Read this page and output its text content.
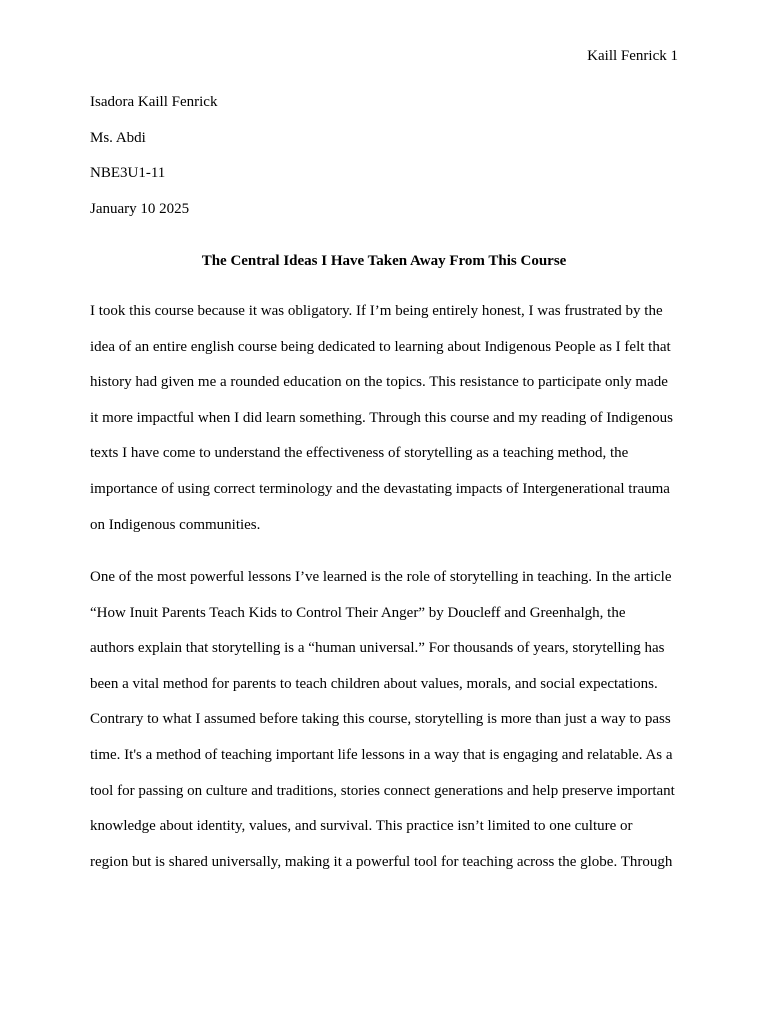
Kaill Fenrick 1
Isadora Kaill Fenrick
Ms. Abdi
NBE3U1-11
January 10 2025
The Central Ideas I Have Taken Away From This Course
I took this course because it was obligatory. If I’m being entirely honest, I was frustrated by the
idea of an entire english course being dedicated to learning about Indigenous People as I felt that
history had given me a rounded education on the topics. This resistance to participate only made
it more impactful when I did learn something. Through this course and my reading of Indigenous
texts I have come to understand the effectiveness of storytelling as a teaching method, the
importance of using correct terminology and the devastating impacts of Intergenerational trauma
on Indigenous communities.
One of the most powerful lessons I’ve learned is the role of storytelling in teaching. In the article
“How Inuit Parents Teach Kids to Control Their Anger” by Doucleff and Greenhalgh, the
authors explain that storytelling is a “human universal.” For thousands of years, storytelling has
been a vital method for parents to teach children about values, morals, and social expectations.
Contrary to what I assumed before taking this course, storytelling is more than just a way to pass
time. It's a method of teaching important life lessons in a way that is engaging and relatable. As a
tool for passing on culture and traditions, stories connect generations and help preserve important
knowledge about identity, values, and survival. This practice isn’t limited to one culture or
region but is shared universally, making it a powerful tool for teaching across the globe. Through
